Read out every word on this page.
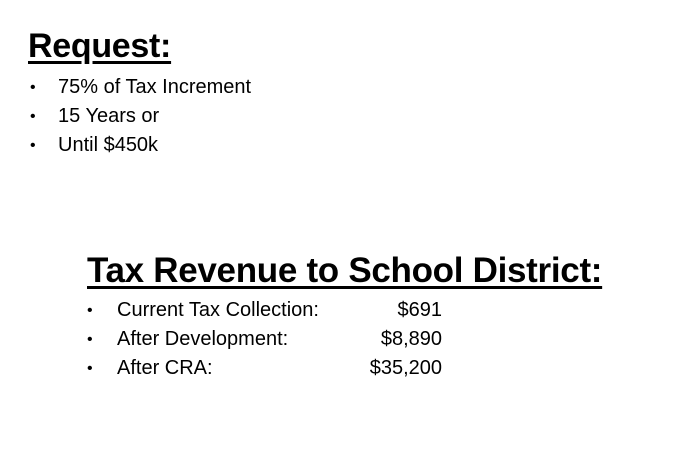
Request:
•	75% of Tax Increment
•	15 Years or
•	Until $450k
Tax Revenue to School District:
•	Current Tax Collection:	$691
•	After Development:	$8,890
•	After CRA:	$35,200
